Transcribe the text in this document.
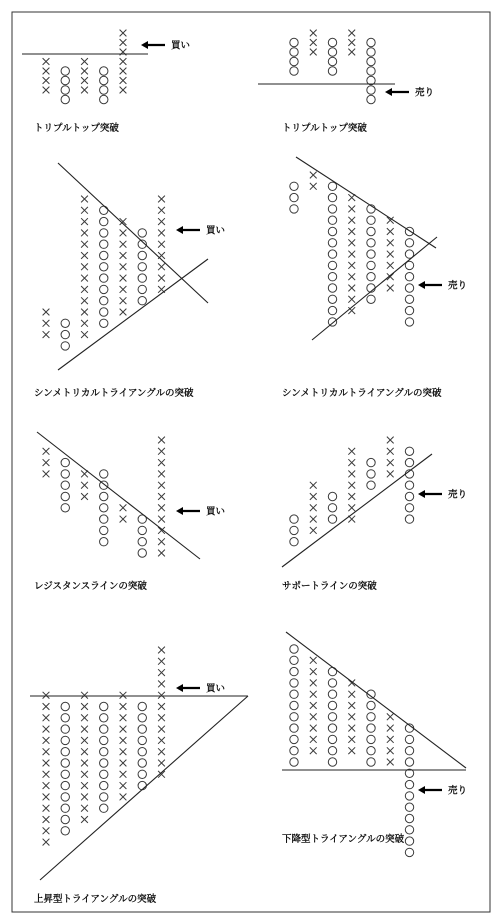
買い
トリプルトップ突破
売り
トリプルトップ突破
買い
シンメトリカルトライアングルの突破
売り
シンメトリカルトライアングルの突破
買い
レジスタンスラインの突破
売り
サポートラインの突破
買い
上昇型トライアングルの突破
売り
下降型トライアングルの突破
